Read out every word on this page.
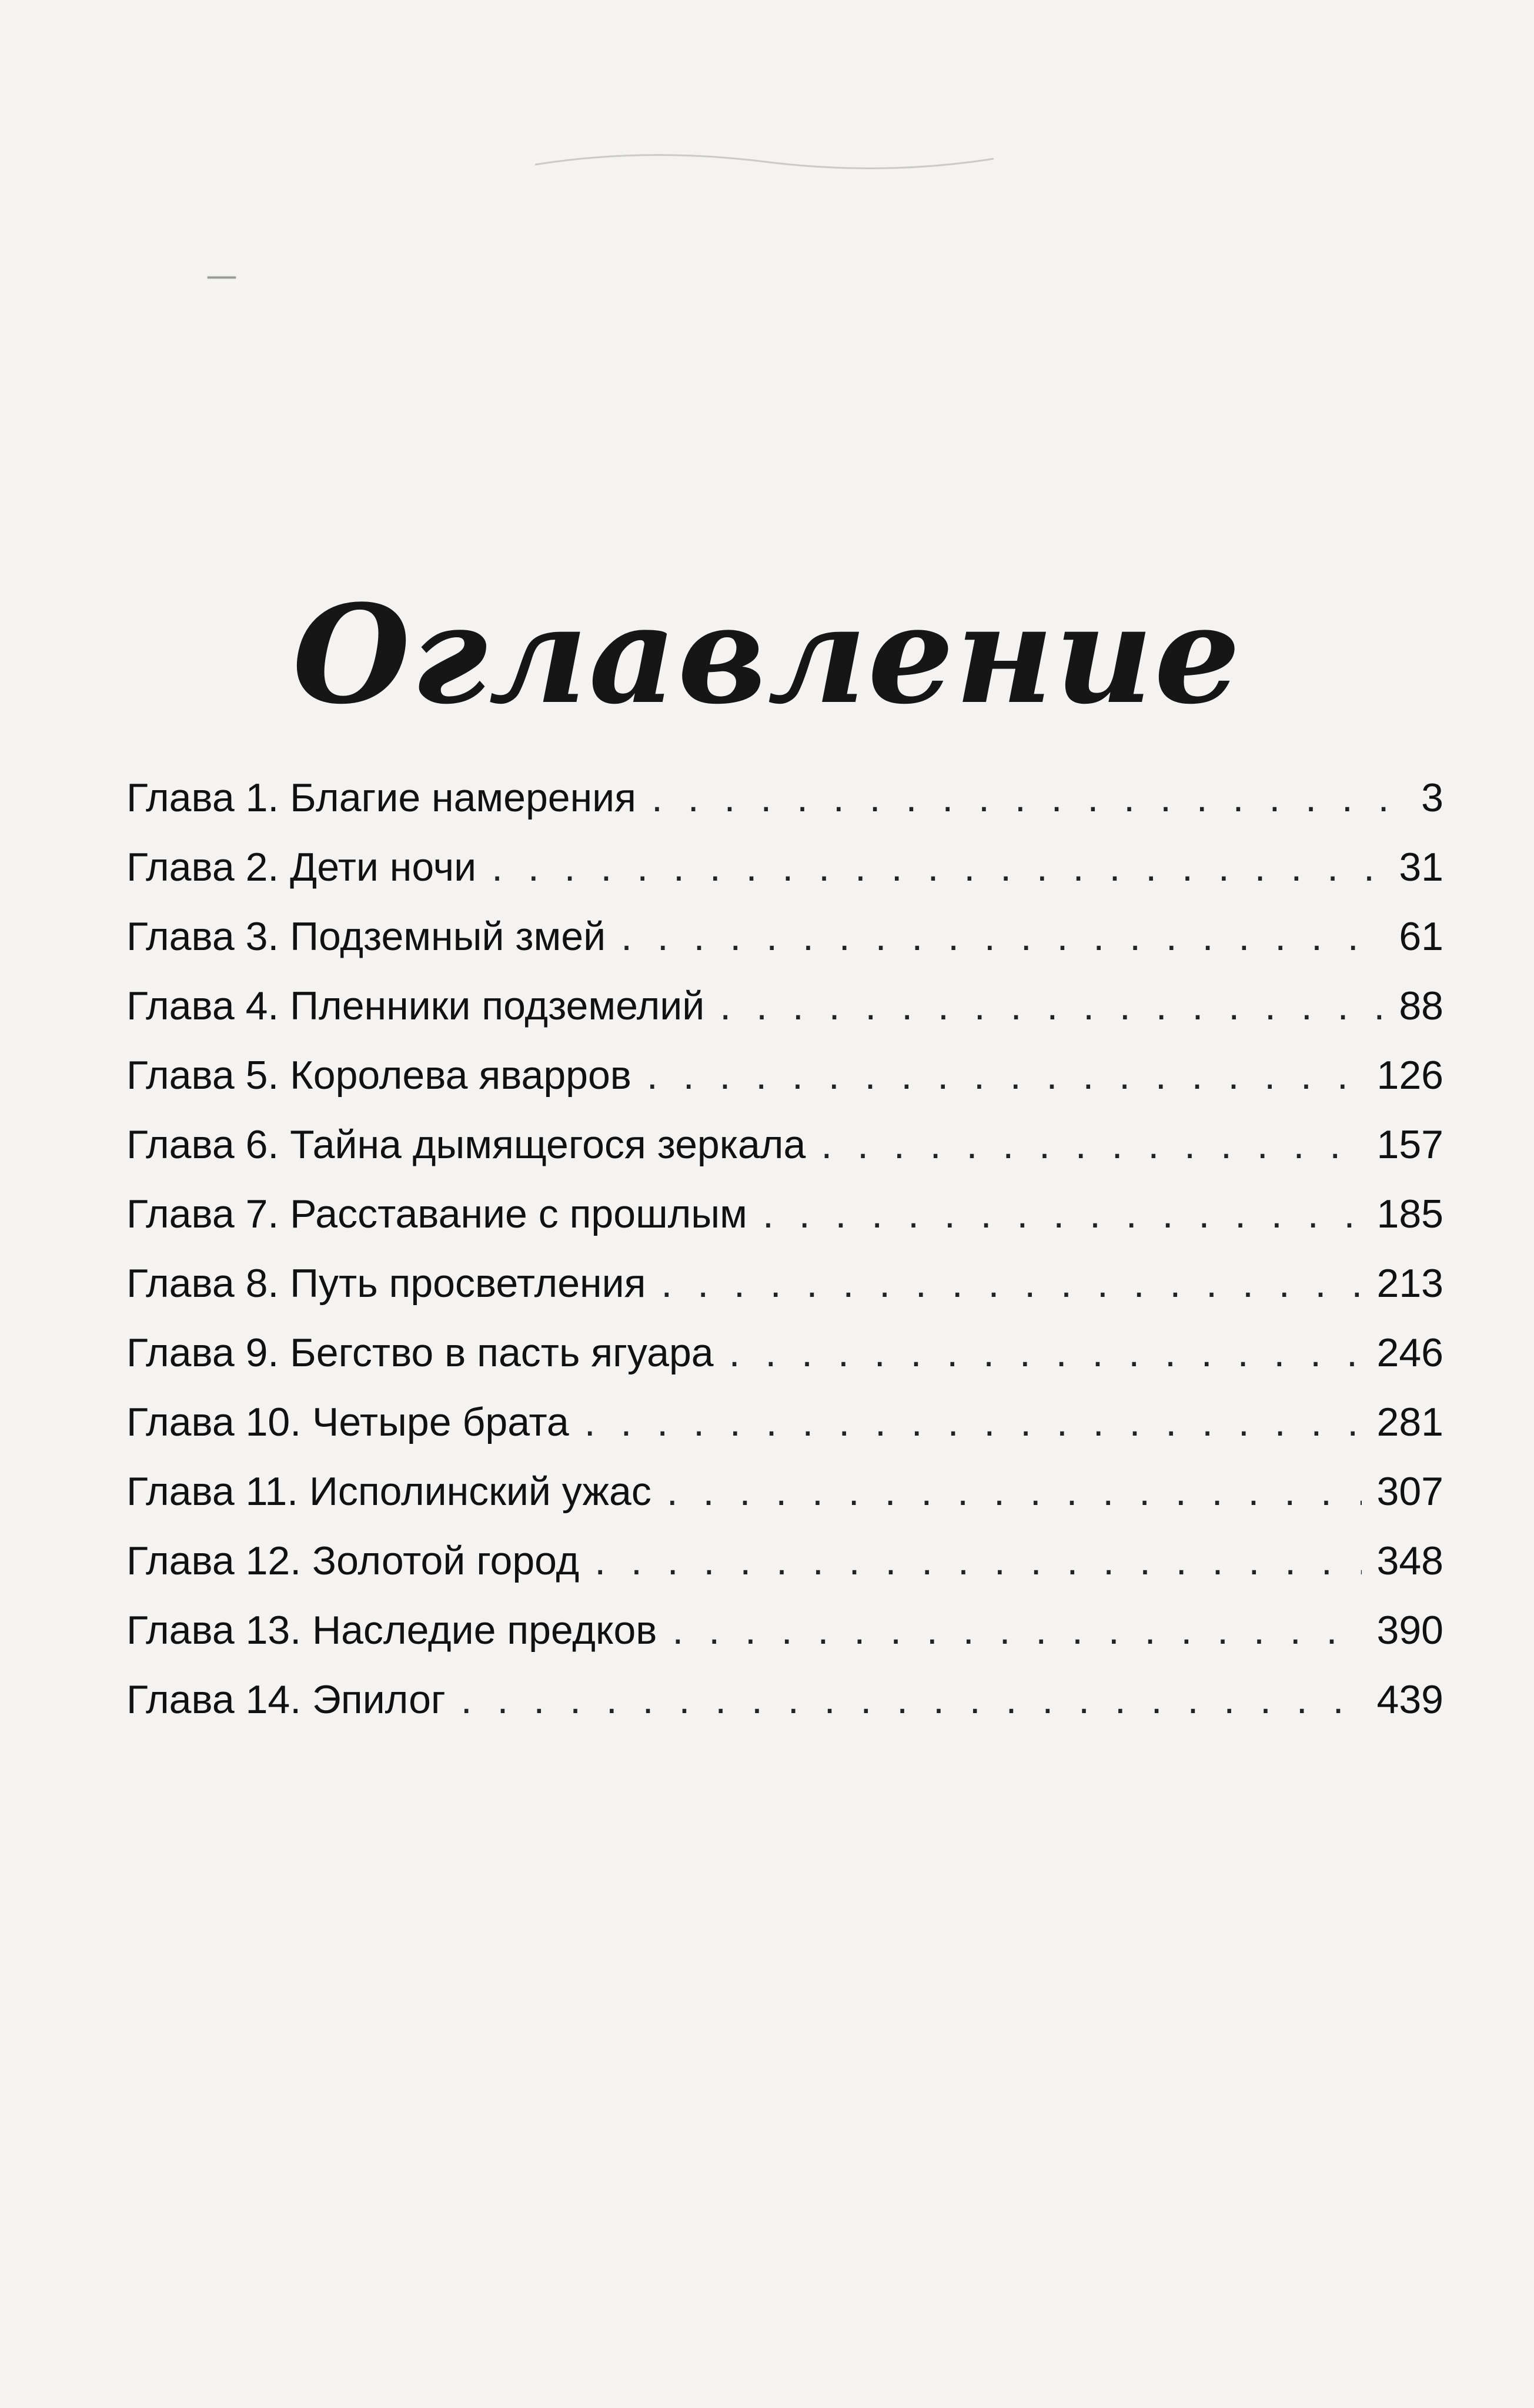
— ​​​​​​​​​​​​​​​​​​​​​​​​​​​​​​​​​​​​​​​​​​​​​​​​​​​​​​​​​​​​​​​​​​​​​​​​​​​​​​​​​​​​​​​​​​​​​​​​​​​​​​​​​​​​​​​​​​​​​​​​​

Оглавление
Глава 1. Благие намерения . . .	3
Глава 2. Дети ночи . . .	31
Глава 3. Подземный змей . . .	61
Глава 4. Пленники подземелий . . .	88
Глава 5. Королева яварров . . .	126
Глава 6. Тайна дымящегося зеркала . . .	157
Глава 7. Расставание с прошлым . . .	185
Глава 8. Путь просветления . . .	213
Глава 9. Бегство в пасть ягуара . . .	246
Глава 10. Четыре брата . . .	281
Глава 11. Исполинский ужас . . .	307
Глава 12. Золотой город . . .	348
Глава 13. Наследие предков . . .	390
Глава 14. Эпилог . . .	439
